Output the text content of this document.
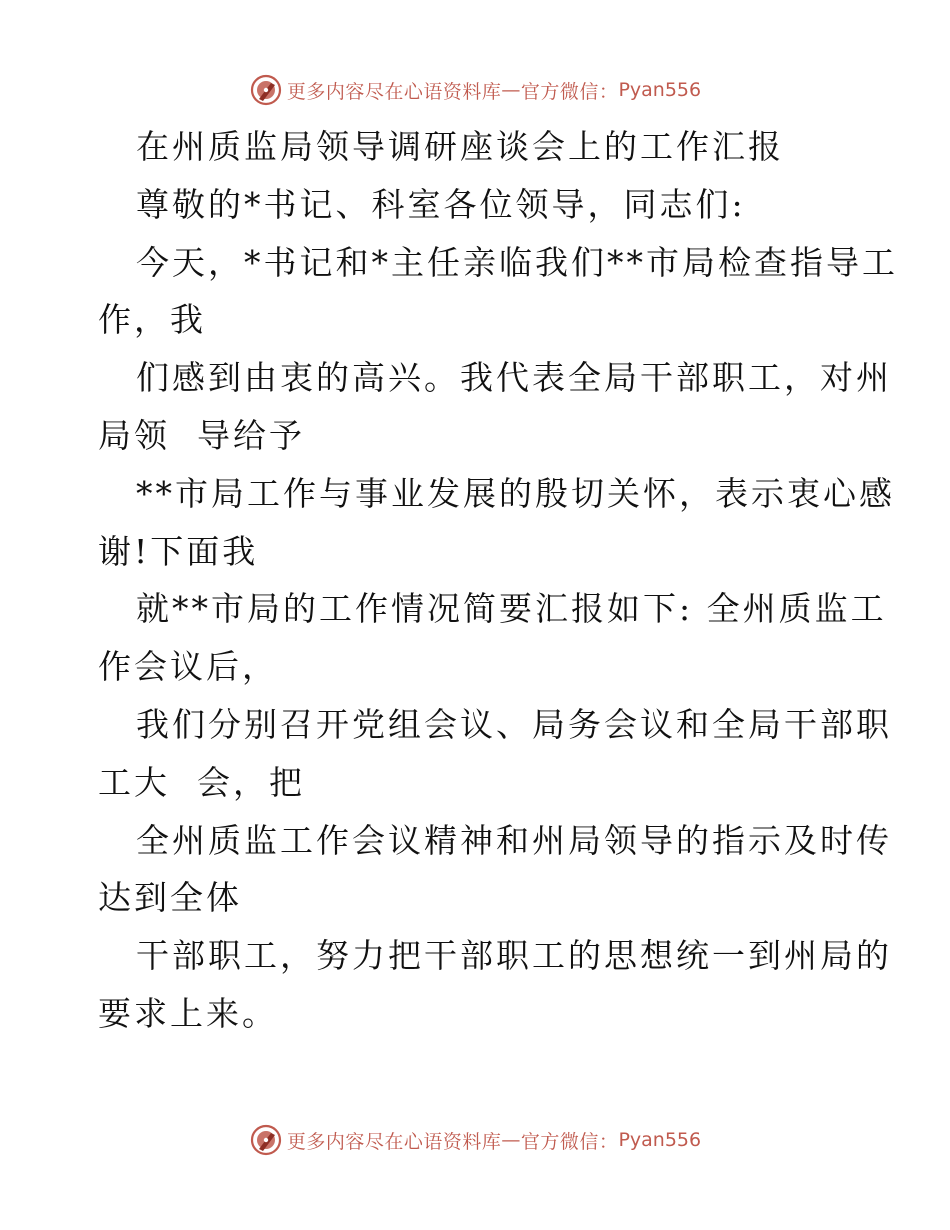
更多内容尽在心语资料库 — 官方微信： Pyan556
在州质监局领导调研座谈会上的工作汇报
尊敬的*书记、科室各位领导，同志们:
今天，*书记和*主任亲临我们**市局检查指导工
作，我
们感到由衷的高兴。我代表全局干部职工，对州
局领  导给予
**市局工作与事业发展的殷切关怀，表示衷心感
谢!下面我
就**市局的工作情况简要汇报如下: 全州质监工
作会议后，
我们分别召开党组会议、局务会议和全局干部职
工大  会，把
全州质监工作会议精神和州局领导的指示及时传
达到全体
干部职工，努力把干部职工的思想统一到州局的
要求上来。
更多内容尽在心语资料库 — 官方微信： Pyan556
